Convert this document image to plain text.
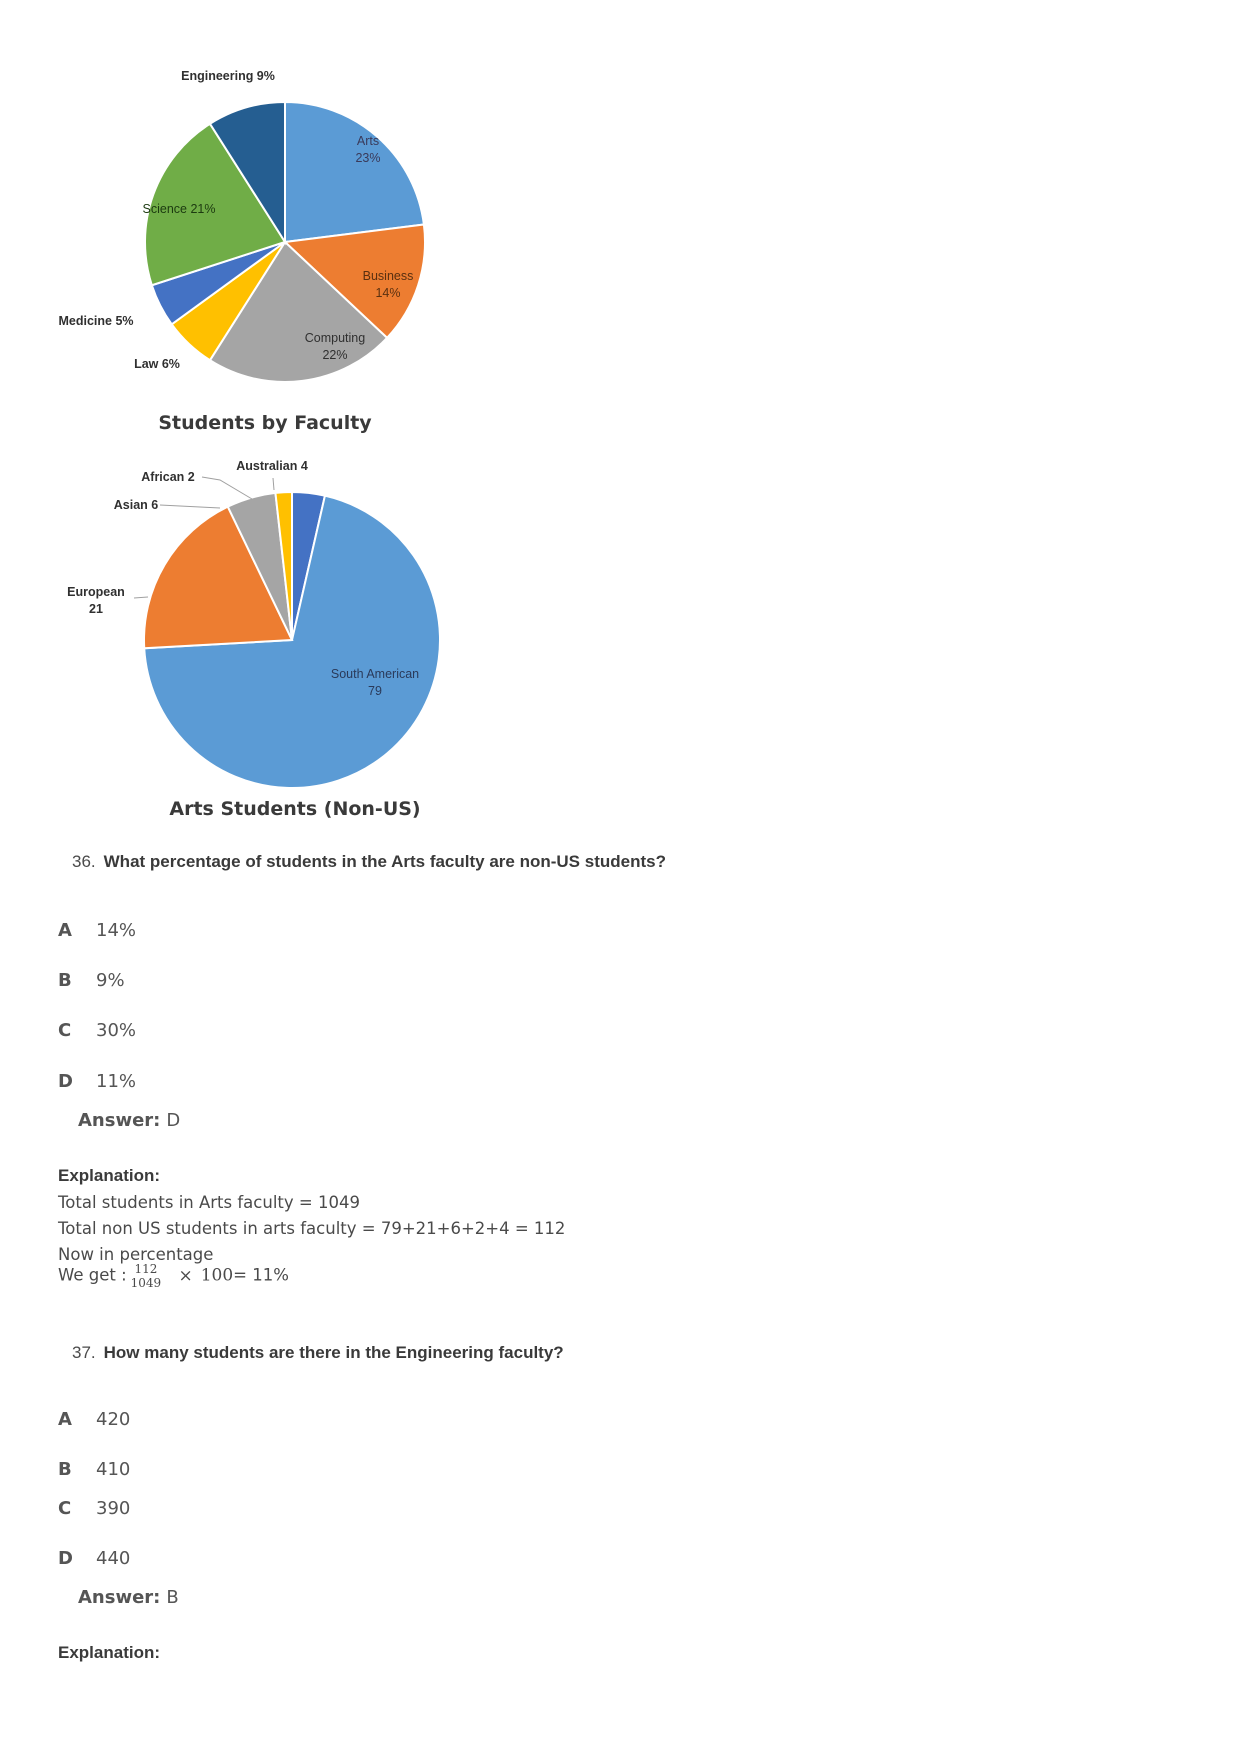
Arts 23%
Business 14%
Computing 22%
Law 6%
Medicine 5%
Science 21%
Engineering 9%
Students by Faculty
Australian 4
South American 79
European 21
Asian 6
African 2
Arts Students (Non-US)
36. What percentage of students in the Arts faculty are non-US students?
A 14%
B 9%
C 30%
D 11%
Answer: D
Explanation:
Total students in Arts faculty = 1049
Total non US students in arts faculty = 79+21+6+2+4 = 112
Now in percentage
We get : 112
1049 × 100= 11%
37. How many students are there in the Engineering faculty?
A 420
B 410
C 390
D 440
Answer: B
Explanation:
